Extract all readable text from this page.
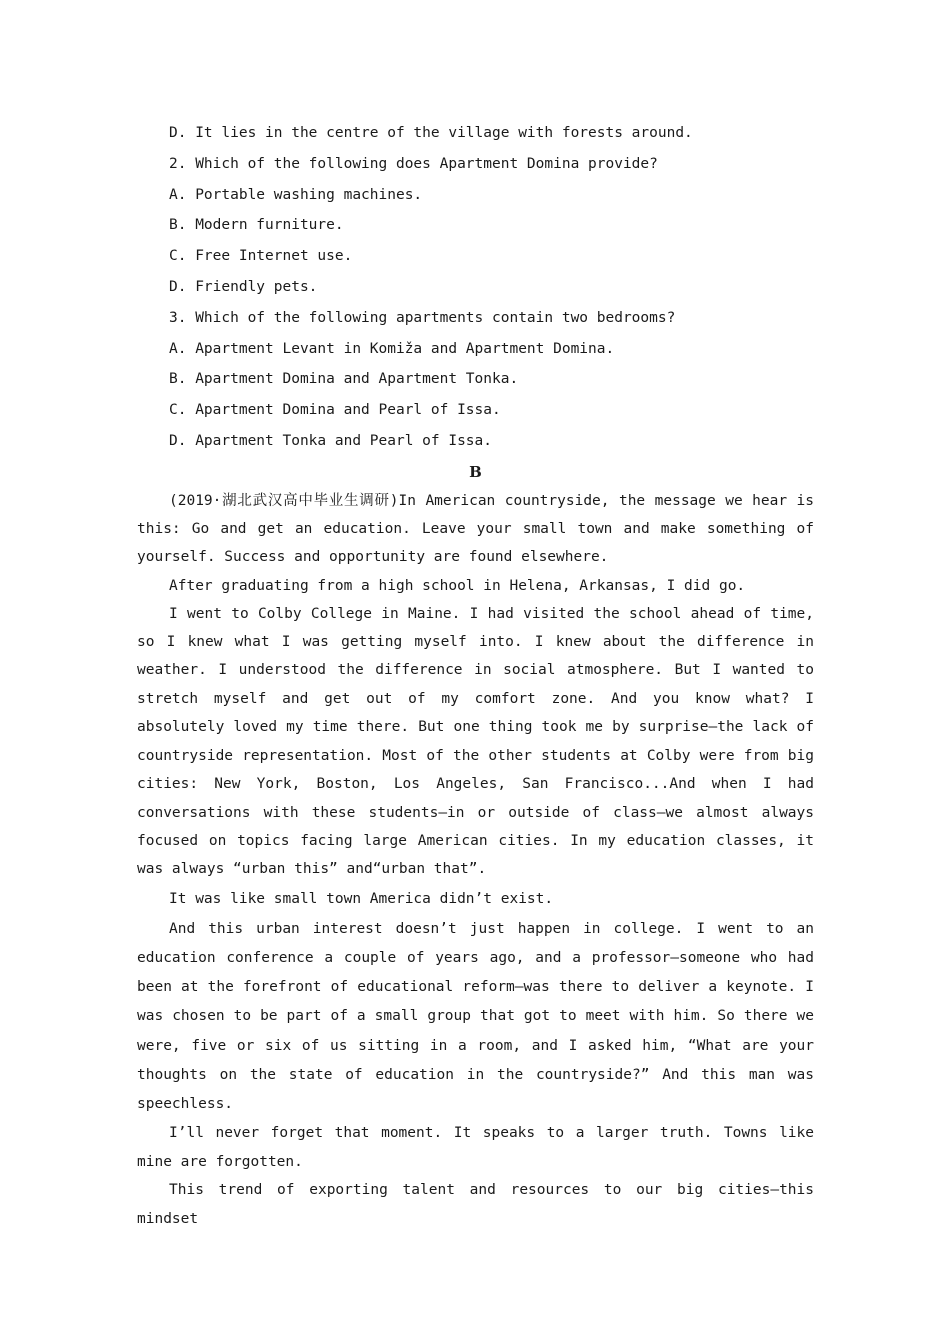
D. It lies in the centre of the village with forests around.
2. Which of the following does Apartment Domina provide?
A. Portable washing machines.
B. Modern furniture.
C. Free Internet use.
D. Friendly pets.
3. Which of the following apartments contain two bedrooms?
A. Apartment Levant in Komižа and Apartment Domina.
B. Apartment Domina and Apartment Tonka.
C. Apartment Domina and Pearl of Issa.
D. Apartment Tonka and Pearl of Issa.

B

(2019·湖北武汉高中毕业生调研)In American countryside, the message we hear is this: Go and get an education. Leave your small town and make something of yourself. Success and opportunity are found elsewhere.

After graduating from a high school in Helena, Arkansas, I did go.

I went to Colby College in Maine. I had visited the school ahead of time, so I knew what I was getting myself into. I knew about the difference in weather. I understood the difference in social atmosphere. But I wanted to stretch myself and get out of my comfort zone. And you know what? I absolutely loved my time there. But one thing took me by surprise—the lack of countryside representation. Most of the other students at Colby were from big cities: New York, Boston, Los Angeles, San Francisco...And when I had conversations with these students—in or outside of class—we almost always focused on topics facing large American cities. In my education classes, it was always “urban this” and“urban that”.

It was like small town America didn’t exist.

And this urban interest doesn’t just happen in college. I went to an education conference a couple of years ago, and a professor—someone who had been at the forefront of educational reform—was there to deliver a keynote. I was chosen to be part of a small group that got to meet with him. So there we were, five or six of us sitting in a room, and I asked him, “What are your thoughts on the state of education in the countryside?” And this man was speechless.

I’ll never forget that moment. It speaks to a larger truth. Towns like mine are forgotten.

This trend of exporting talent and resources to our big cities—this mindset
